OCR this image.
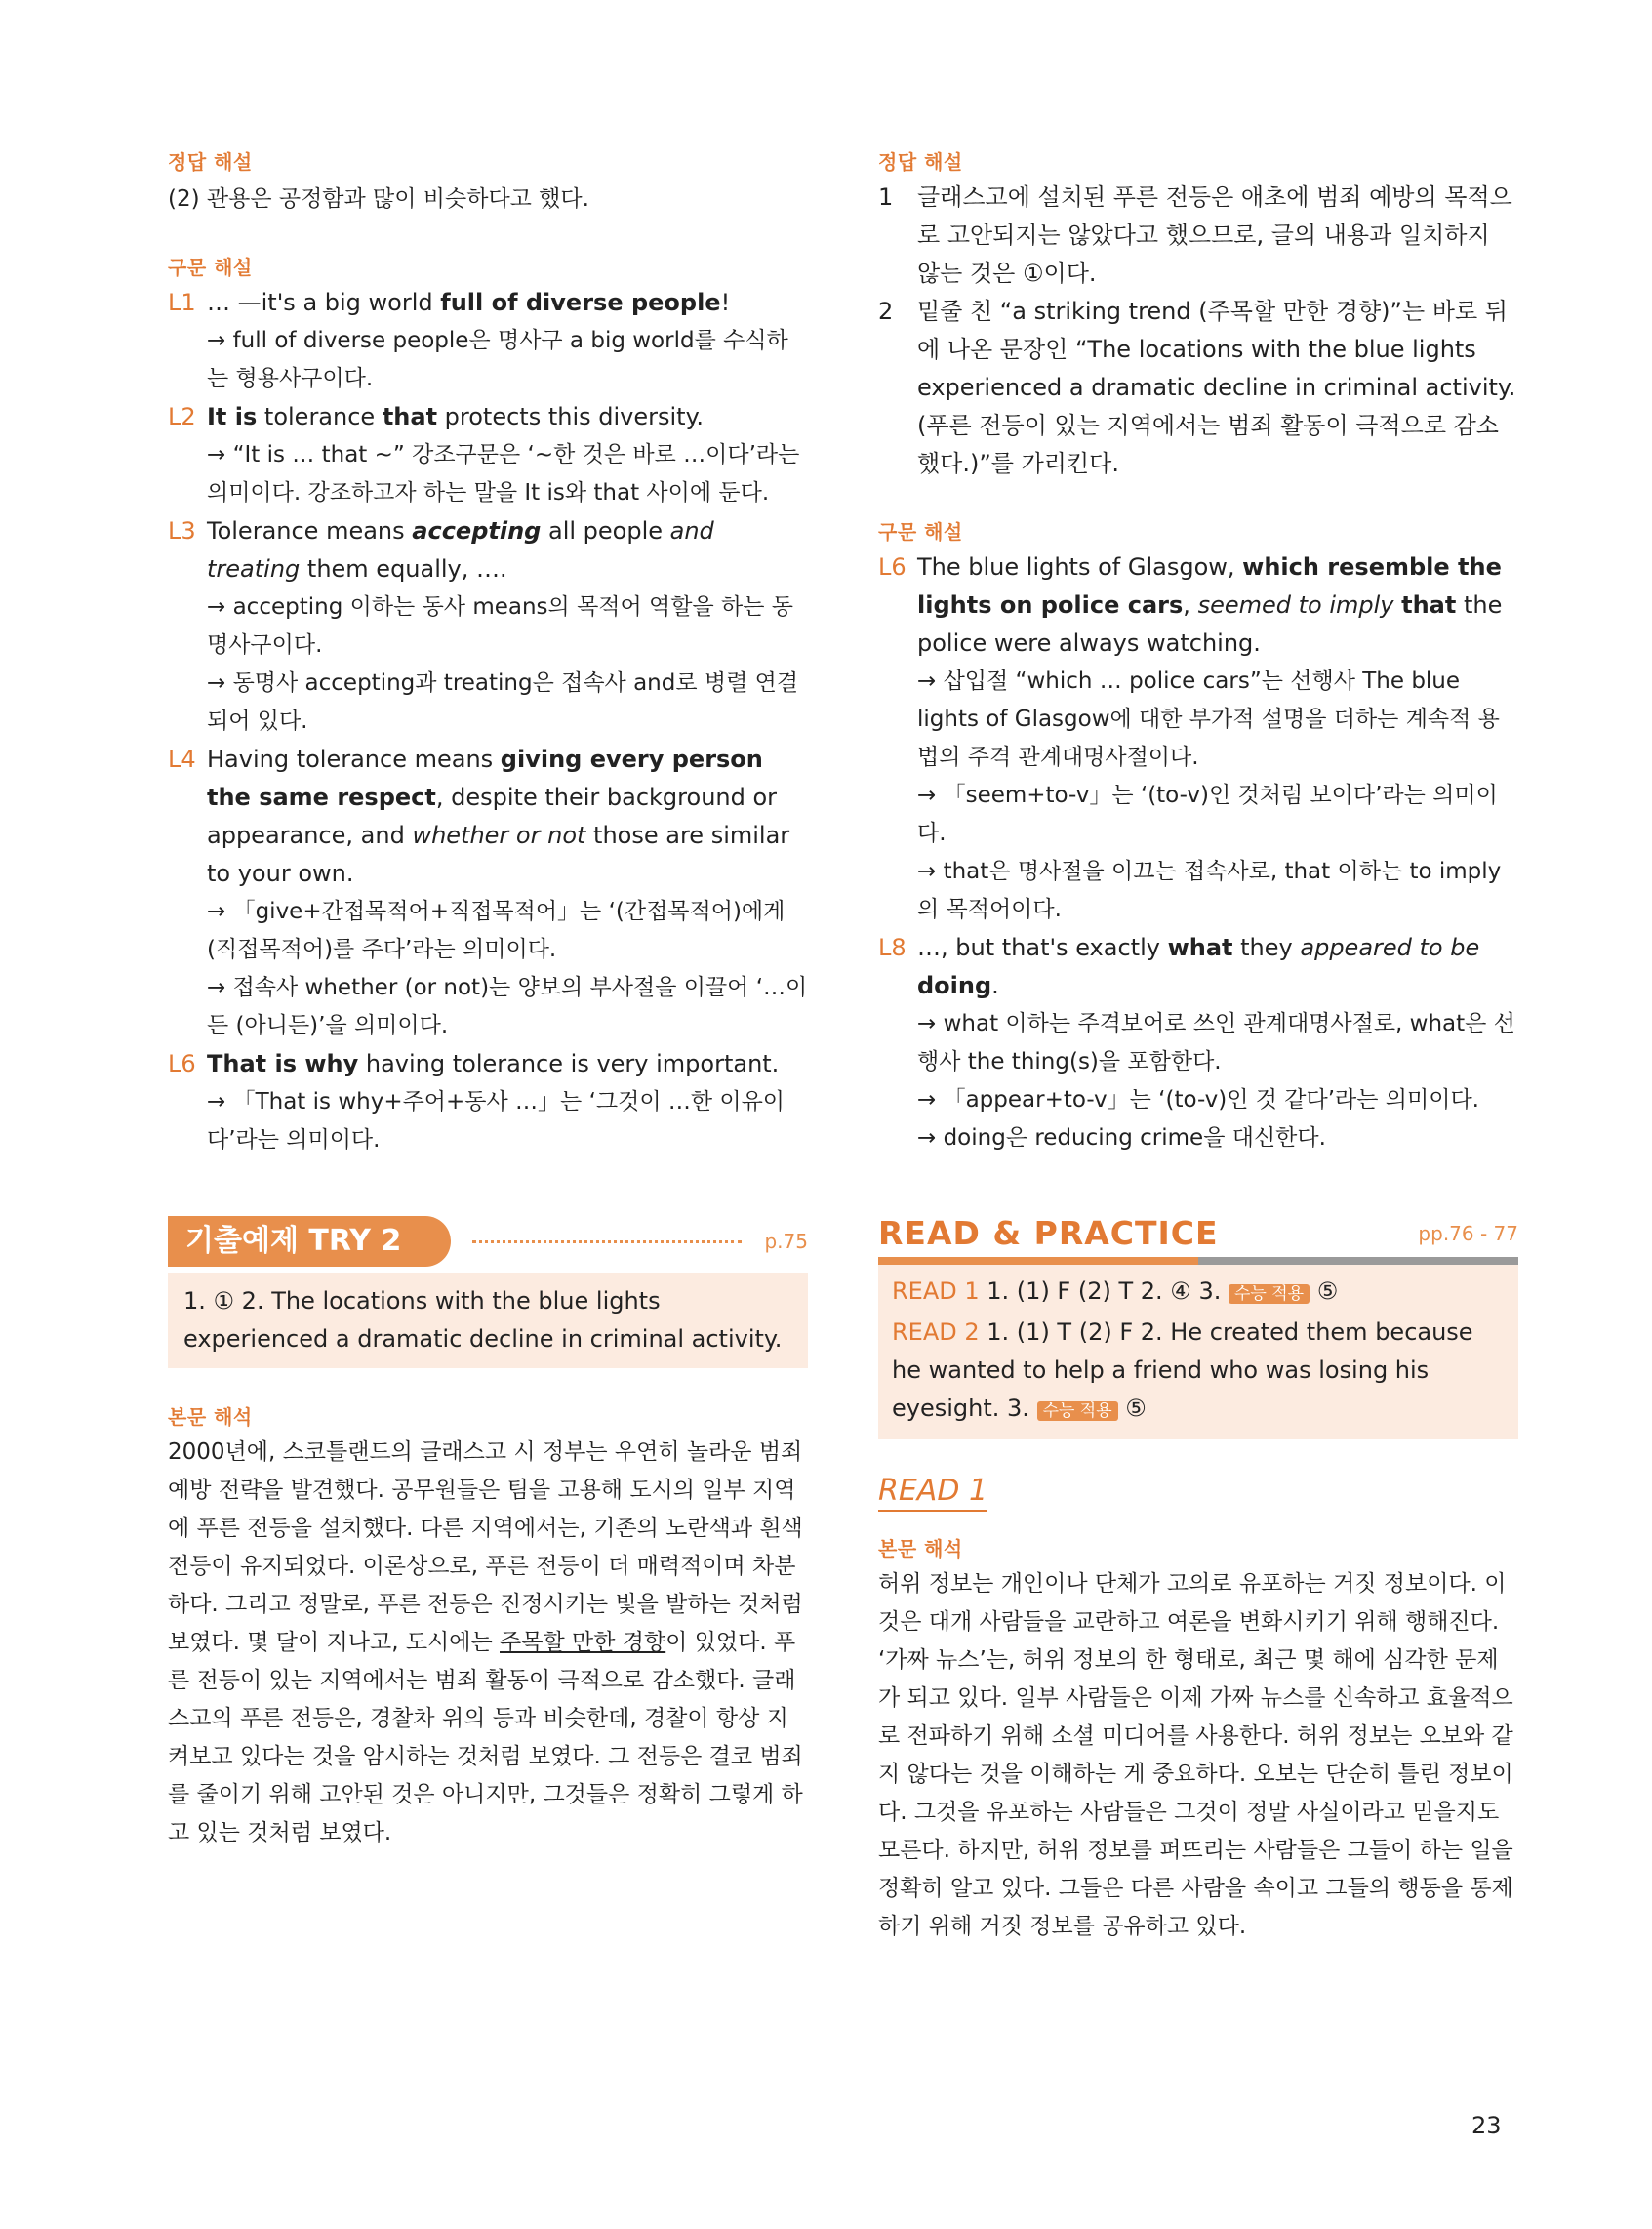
정답 해설
(2) 관용은 공정함과 많이 비슷하다고 했다.
구문 해설
L1 … —it's a big world full of diverse people!
→ full of diverse people은 명사구 a big world를 수식하는 형용사구이다.
L2 It is tolerance that protects this diversity.
→ “It is … that ~” 강조구문은 ‘~한 것은 바로 …이다’라는 의미이다. 강조하고자 하는 말을 It is와 that 사이에 둔다.
L3 Tolerance means accepting all people and treating them equally, ….
→ accepting 이하는 동사 means의 목적어 역할을 하는 동명사구이다.
→ 동명사 accepting과 treating은 접속사 and로 병렬 연결되어 있다.
L4 Having tolerance means giving every person the same respect, despite their background or appearance, and whether or not those are similar to your own.
→ 「give+간접목적어+직접목적어」는 ‘(간접목적어)에게 (직접목적어)를 주다’라는 의미이다.
→ 접속사 whether (or not)는 양보의 부사절을 이끌어 ‘…이든 (아니든)’을 의미이다.
L6 That is why having tolerance is very important.
→ 「That is why+주어+동사 …」는 ‘그것이 …한 이유이다’라는 의미이다.
기출예제 TRY 2	p.75
1. ① 2. The locations with the blue lights experienced a dramatic decline in criminal activity.
본문 해석
2000년에, 스코틀랜드의 글래스고 시 정부는 우연히 놀라운 범죄 예방 전략을 발견했다. 공무원들은 팀을 고용해 도시의 일부 지역에 푸른 전등을 설치했다. 다른 지역에서는, 기존의 노란색과 흰색 전등이 유지되었다. 이론상으로, 푸른 전등이 더 매력적이며 차분하다. 그리고 정말로, 푸른 전등은 진정시키는 빛을 발하는 것처럼 보였다. 몇 달이 지나고, 도시에는 주목할 만한 경향이 있었다. 푸른 전등이 있는 지역에서는 범죄 활동이 극적으로 감소했다. 글래스고의 푸른 전등은, 경찰차 위의 등과 비슷한데, 경찰이 항상 지켜보고 있다는 것을 암시하는 것처럼 보였다. 그 전등은 결코 범죄를 줄이기 위해 고안된 것은 아니지만, 그것들은 정확히 그렇게 하고 있는 것처럼 보였다.
정답 해설
1	글래스고에 설치된 푸른 전등은 애초에 범죄 예방의 목적으로 고안되지는 않았다고 했으므로, 글의 내용과 일치하지 않는 것은 ①이다.
2	밑줄 친 “a striking trend (주목할 만한 경향)”는 바로 뒤에 나온 문장인 “The locations with the blue lights experienced a dramatic decline in criminal activity. (푸른 전등이 있는 지역에서는 범죄 활동이 극적으로 감소했다.)”를 가리킨다.
구문 해설
L6 The blue lights of Glasgow, which resemble the lights on police cars, seemed to imply that the police were always watching.
→ 삽입절 “which … police cars”는 선행사 The blue lights of Glasgow에 대한 부가적 설명을 더하는 계속적 용법의 주격 관계대명사절이다.
→ 「seem+to-v」는 ‘(to-v)인 것처럼 보이다’라는 의미이다.
→ that은 명사절을 이끄는 접속사로, that 이하는 to imply의 목적어이다.
L8 …, but that's exactly what they appeared to be doing.
→ what 이하는 주격보어로 쓰인 관계대명사절로, what은 선행사 the thing(s)을 포함한다.
→ 「appear+to-v」는 ‘(to-v)인 것 같다’라는 의미이다.
→ doing은 reducing crime을 대신한다.
READ & PRACTICE	pp.76 - 77
READ 1 1. (1) F (2) T 2. ④ 3. 수능 적용 ⑤
READ 2 1. (1) T (2) F 2. He created them because he wanted to help a friend who was losing his eyesight. 3. 수능 적용 ⑤
READ 1
본문 해석
허위 정보는 개인이나 단체가 고의로 유포하는 거짓 정보이다. 이것은 대개 사람들을 교란하고 여론을 변화시키기 위해 행해진다. ‘가짜 뉴스’는, 허위 정보의 한 형태로, 최근 몇 해에 심각한 문제가 되고 있다. 일부 사람들은 이제 가짜 뉴스를 신속하고 효율적으로 전파하기 위해 소셜 미디어를 사용한다. 허위 정보는 오보와 같지 않다는 것을 이해하는 게 중요하다. 오보는 단순히 틀린 정보이다. 그것을 유포하는 사람들은 그것이 정말 사실이라고 믿을지도 모른다. 하지만, 허위 정보를 퍼뜨리는 사람들은 그들이 하는 일을 정확히 알고 있다. 그들은 다른 사람을 속이고 그들의 행동을 통제하기 위해 거짓 정보를 공유하고 있다.
23
